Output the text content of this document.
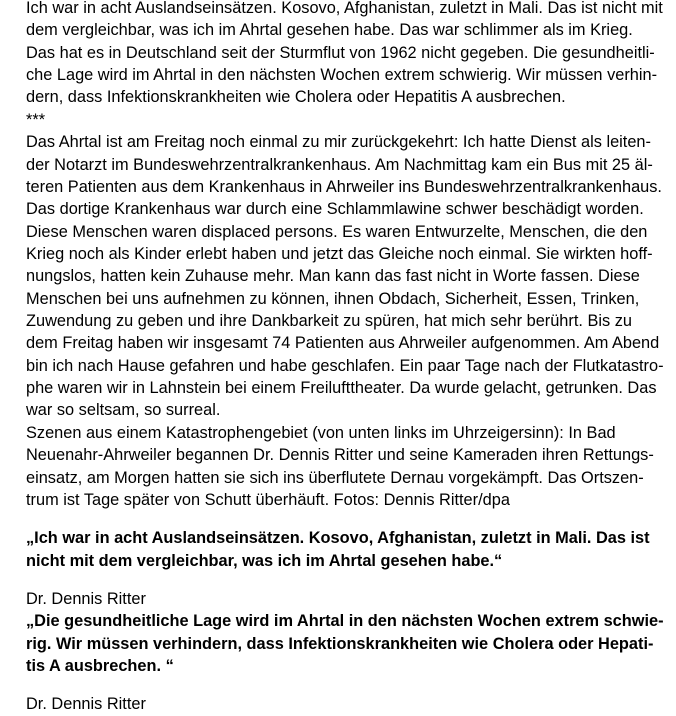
Ich war in acht Auslandseinsätzen. Kosovo, Afghanistan, zuletzt in Mali. Das ist nicht mit
dem vergleichbar, was ich im Ahrtal gesehen habe. Das war schlimmer als im Krieg.
Das hat es in Deutschland seit der Sturmflut von 1962 nicht gegeben. Die gesundheitli-
che Lage wird im Ahrtal in den nächsten Wochen extrem schwierig. Wir müssen verhin-
dern, dass Infektionskrankheiten wie Cholera oder Hepatitis A ausbrechen.
***
Das Ahrtal ist am Freitag noch einmal zu mir zurückgekehrt: Ich hatte Dienst als leiten-
der Notarzt im Bundeswehrzentralkrankenhaus. Am Nachmittag kam ein Bus mit 25 äl-
teren Patienten aus dem Krankenhaus in Ahrweiler ins Bundeswehrzentralkrankenhaus.
Das dortige Krankenhaus war durch eine Schlammlawine schwer beschädigt worden.
Diese Menschen waren displaced persons. Es waren Entwurzelte, Menschen, die den
Krieg noch als Kinder erlebt haben und jetzt das Gleiche noch einmal. Sie wirkten hoff-
nungslos, hatten kein Zuhause mehr. Man kann das fast nicht in Worte fassen. Diese
Menschen bei uns aufnehmen zu können, ihnen Obdach, Sicherheit, Essen, Trinken,
Zuwendung zu geben und ihre Dankbarkeit zu spüren, hat mich sehr berührt. Bis zu
dem Freitag haben wir insgesamt 74 Patienten aus Ahrweiler aufgenommen. Am Abend
bin ich nach Hause gefahren und habe geschlafen. Ein paar Tage nach der Flutkatastro-
phe waren wir in Lahnstein bei einem Freilufttheater. Da wurde gelacht, getrunken. Das
war so seltsam, so surreal.
Szenen aus einem Katastrophengebiet (von unten links im Uhrzeigersinn): In Bad
Neuenahr-Ahrweiler begannen Dr. Dennis Ritter und seine Kameraden ihren Rettungs-
einsatz, am Morgen hatten sie sich ins überflutete Dernau vorgekämpft. Das Ortszen-
trum ist Tage später von Schutt überhäuft. Fotos: Dennis Ritter/dpa
„Ich war in acht Auslandseinsätzen. Kosovo, Afghanistan, zuletzt in Mali. Das ist
nicht mit dem vergleichbar, was ich im Ahrtal gesehen habe.“
Dr. Dennis Ritter
„Die gesundheitliche Lage wird im Ahrtal in den nächsten Wochen extrem schwie-
rig. Wir müssen verhindern, dass Infektionskrankheiten wie Cholera oder Hepati-
tis A ausbrechen. “
Dr. Dennis Ritter
